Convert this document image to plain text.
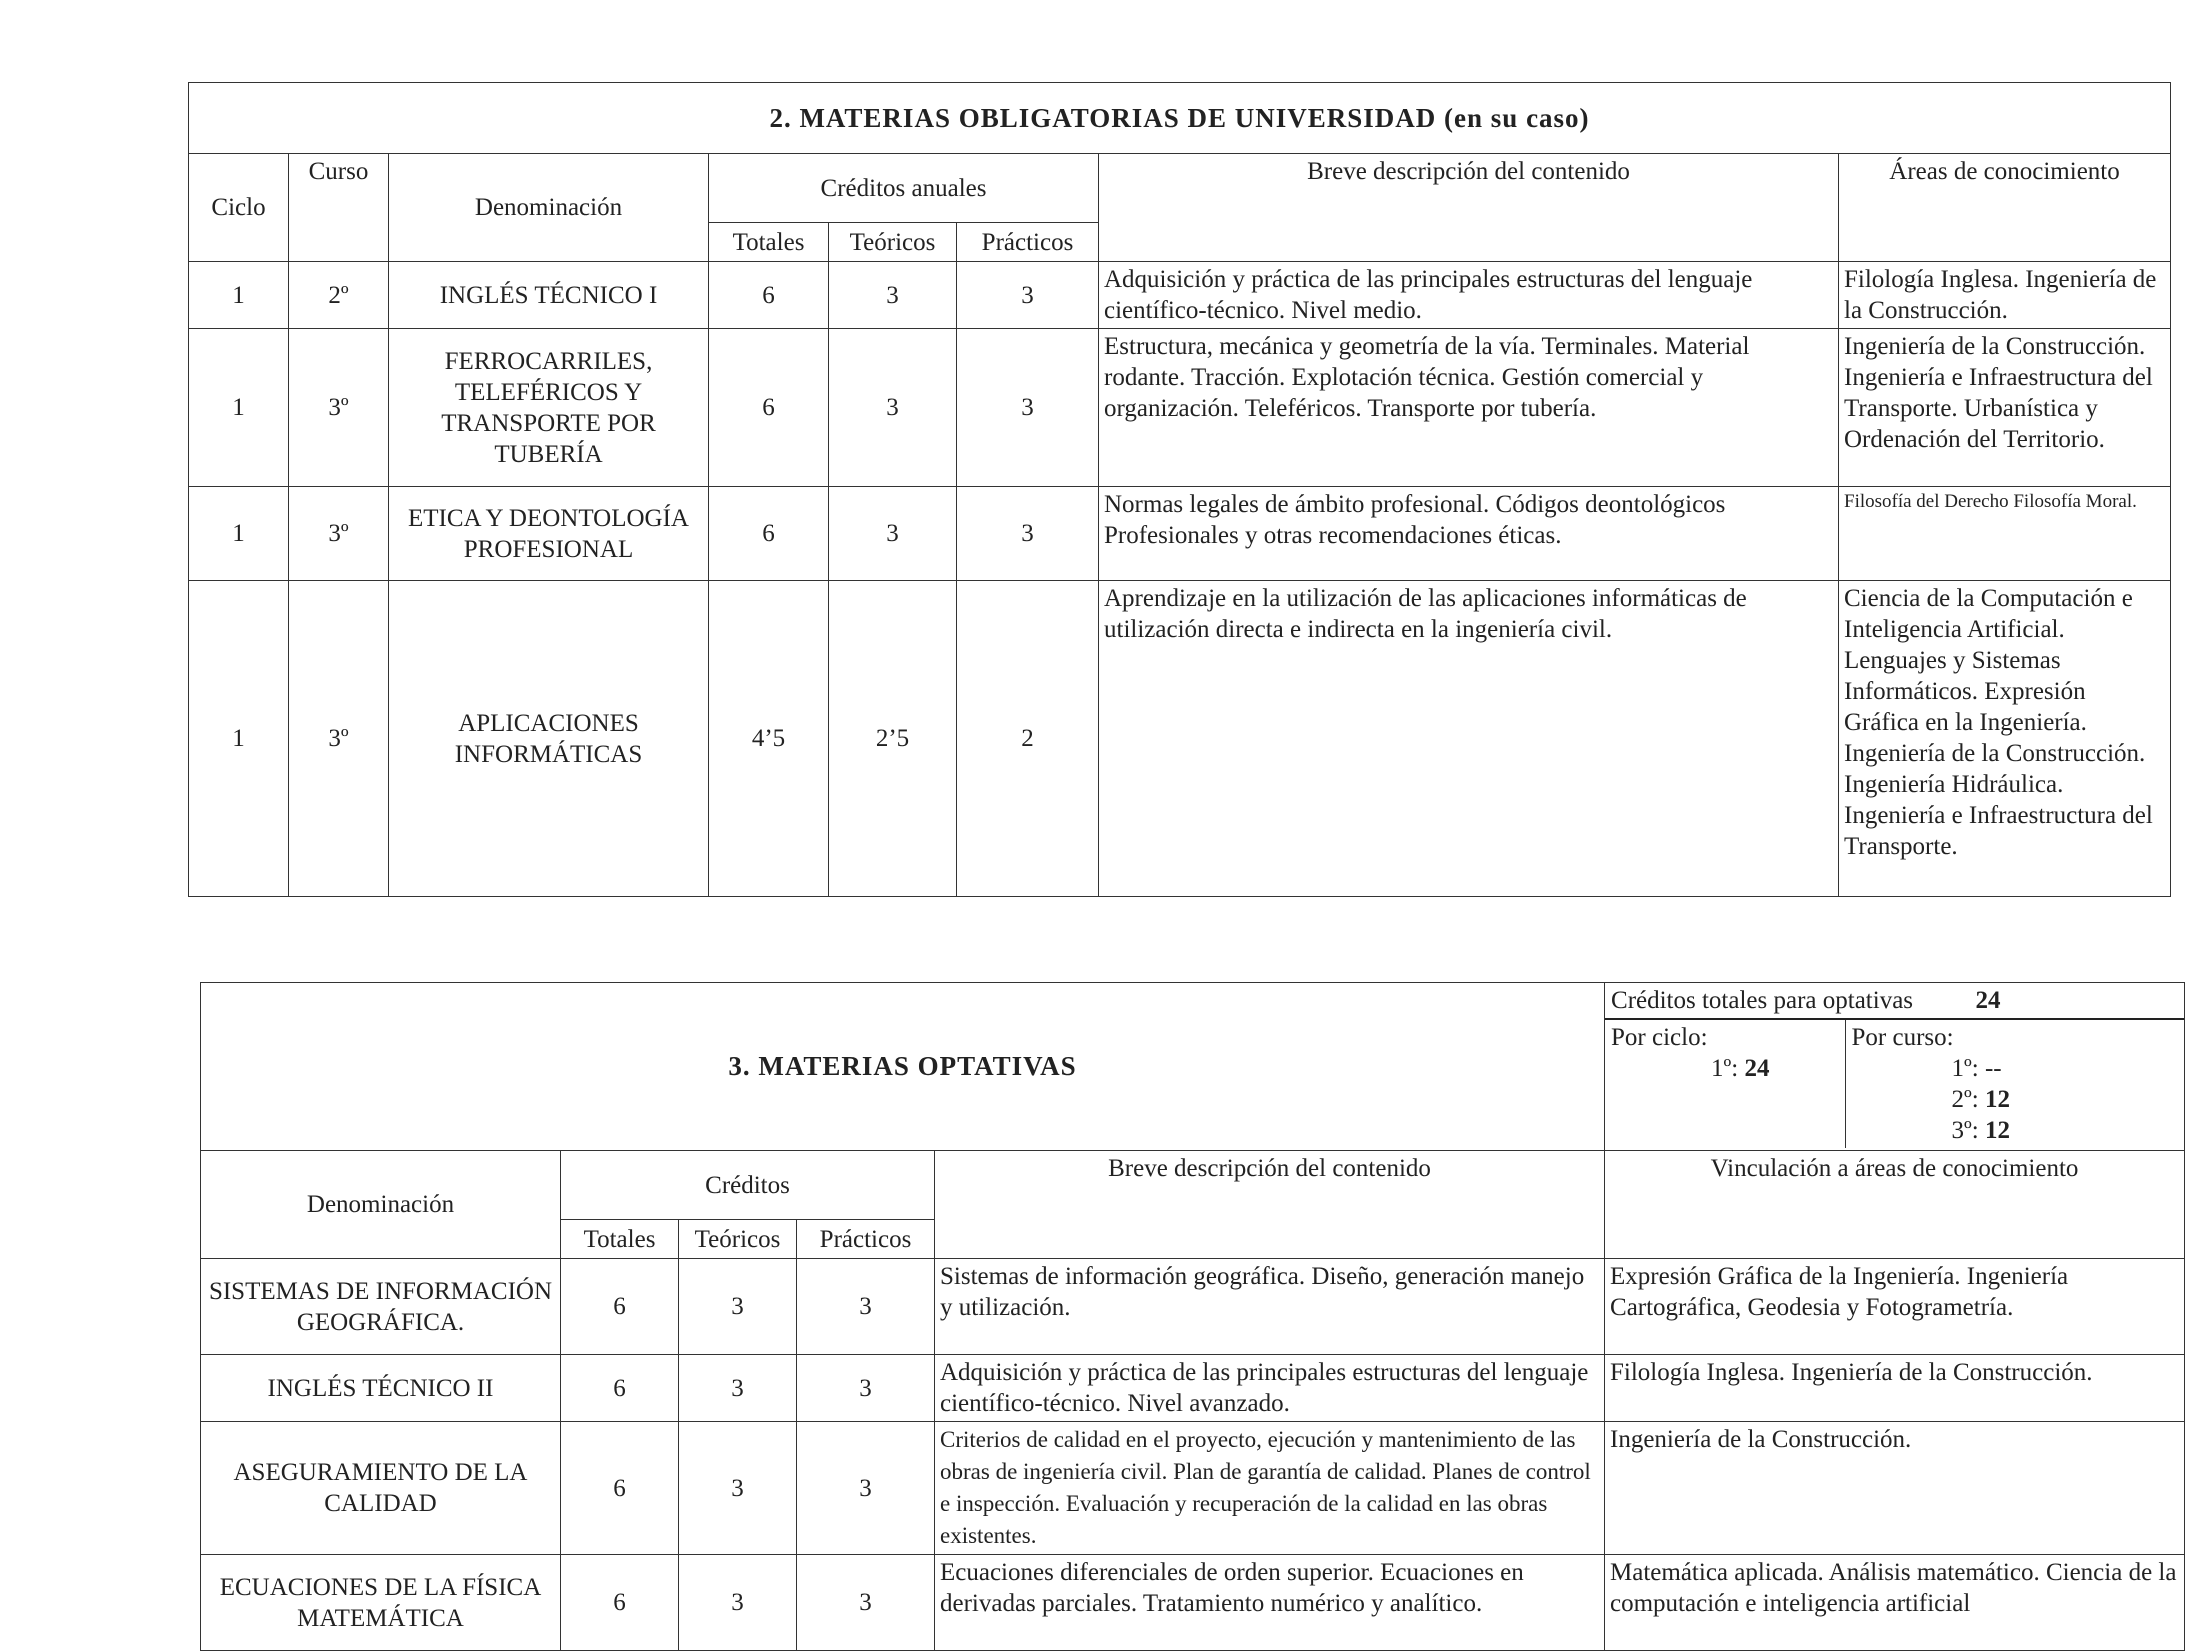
2. MATERIAS OBLIGATORIAS DE UNIVERSIDAD (en su caso)							
Ciclo	Curso	Denominación	Créditos anuales			Breve descripción del contenido	Áreas de conocimiento
			Totales	Teóricos	Prácticos		
1	2º	INGLÉS TÉCNICO I	6	3	3	Adquisición y práctica de las principales estructuras del lenguaje científico-técnico. Nivel medio.	Filología Inglesa. Ingeniería de la Construcción.
1	3º	FERROCARRILES, TELEFÉRICOS Y TRANSPORTE POR TUBERÍA	6	3	3	Estructura, mecánica y geometría de la vía. Terminales. Material rodante. Tracción. Explotación técnica. Gestión comercial y organización. Teleféricos. Transporte por tubería.	Ingeniería de la Construcción. Ingeniería e Infraestructura del Transporte. Urbanística y Ordenación del Territorio.
1	3º	ETICA Y DEONTOLOGÍA PROFESIONAL	6	3	3	Normas legales de ámbito profesional. Códigos deontológicos Profesionales y otras recomendaciones éticas.	Filosofía del Derecho Filosofía Moral.
1	3º	APLICACIONES INFORMÁTICAS	4’5	2’5	2	Aprendizaje en la utilización de las aplicaciones informáticas de utilización directa e indirecta en la ingeniería civil.	Ciencia de la Computación e Inteligencia Artificial. Lenguajes y Sistemas Informáticos. Expresión Gráfica en la Ingeniería. Ingeniería de la Construcción. Ingeniería Hidráulica. Ingeniería e Infraestructura del Transporte.
3. MATERIAS OPTATIVAS	
Créditos totales para optativas	24

Por ciclo:
1º: 24

Por curso:
1º: --
2º: 12
3º: 12

Denominación	Créditos	Breve descripción del contenido	Vinculación a áreas de conocimiento
Totales	Teóricos	Prácticos
SISTEMAS DE INFORMACIÓN GEOGRÁFICA.	6	3	3	Sistemas de información geográfica. Diseño, generación manejo y utilización.	Expresión Gráfica de la Ingeniería. Ingeniería Cartográfica, Geodesia y Fotogrametría.
INGLÉS TÉCNICO II	6	3	3	Adquisición y práctica de las principales estructuras del lenguaje científico-técnico. Nivel avanzado.	Filología Inglesa. Ingeniería de la Construcción.
ASEGURAMIENTO DE LA CALIDAD	6	3	3	Criterios de calidad en el proyecto, ejecución y mantenimiento de las obras de ingeniería civil. Plan de garantía de calidad. Planes de control e inspección. Evaluación y recuperación de la calidad en las obras existentes.	Ingeniería de la Construcción.
ECUACIONES DE LA FÍSICA MATEMÁTICA	6	3	3	Ecuaciones diferenciales de orden superior. Ecuaciones en derivadas parciales. Tratamiento numérico y analítico.	Matemática aplicada. Análisis matemático. Ciencia de la computación e inteligencia artificial
